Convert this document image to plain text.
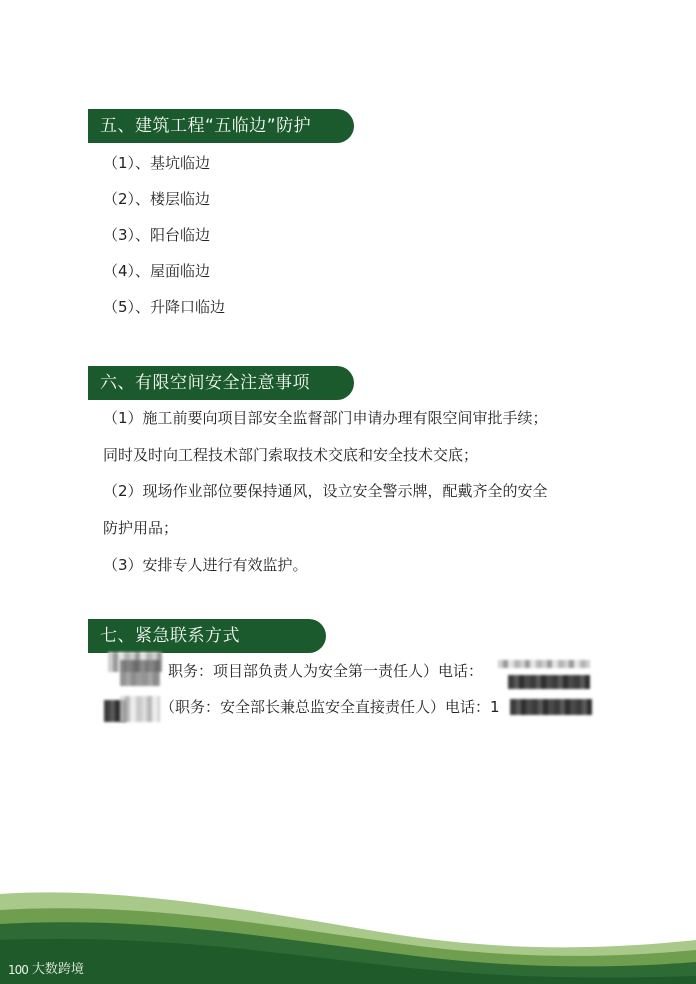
五、建筑工程“五临边”防护
（1）、基坑临边
（2）、楼层临边
（3）、阳台临边
（4）、屋面临边
（5）、升降口临边
六、有限空间安全注意事项
（1）施工前要向项目部安全监督部门申请办理有限空间审批手续；
同时及时向工程技术部门索取技术交底和安全技术交底；
（2）现场作业部位要保持通风，设立安全警示牌，配戴齐全的安全
防护用品；
（3）安排专人进行有效监护。
七、紧急联系方式
职务：项目部负责人为安全第一责任人）电话：
（职务：安全部长兼总监安全直接责任人）电话：1
100 大数跨境
